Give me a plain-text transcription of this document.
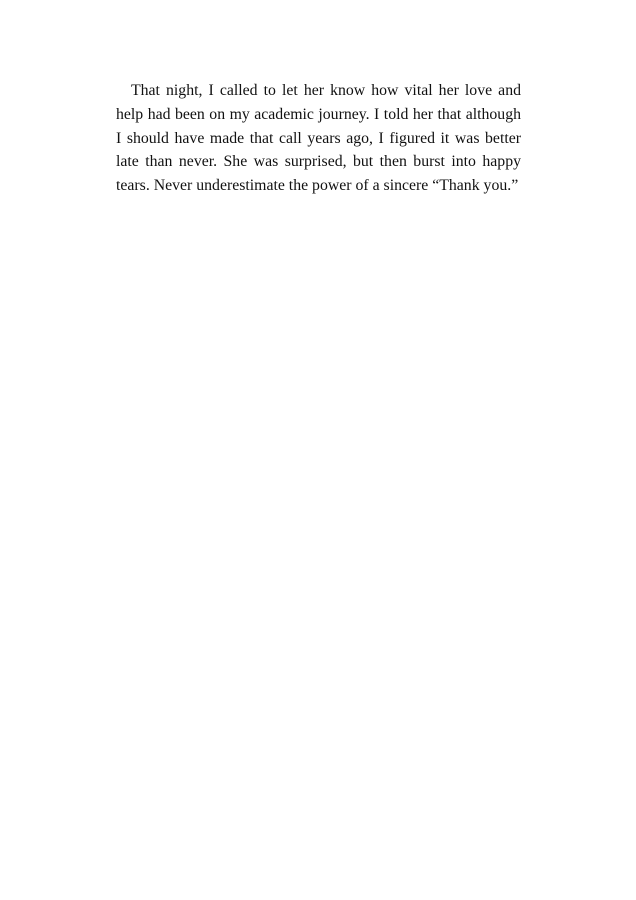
That night, I called to let her know how vital her love and help had been on my academic journey. I told her that although I should have made that call years ago, I figured it was better late than never. She was surprised, but then burst into happy tears. Never underestimate the power of a sincere “Thank you.”
